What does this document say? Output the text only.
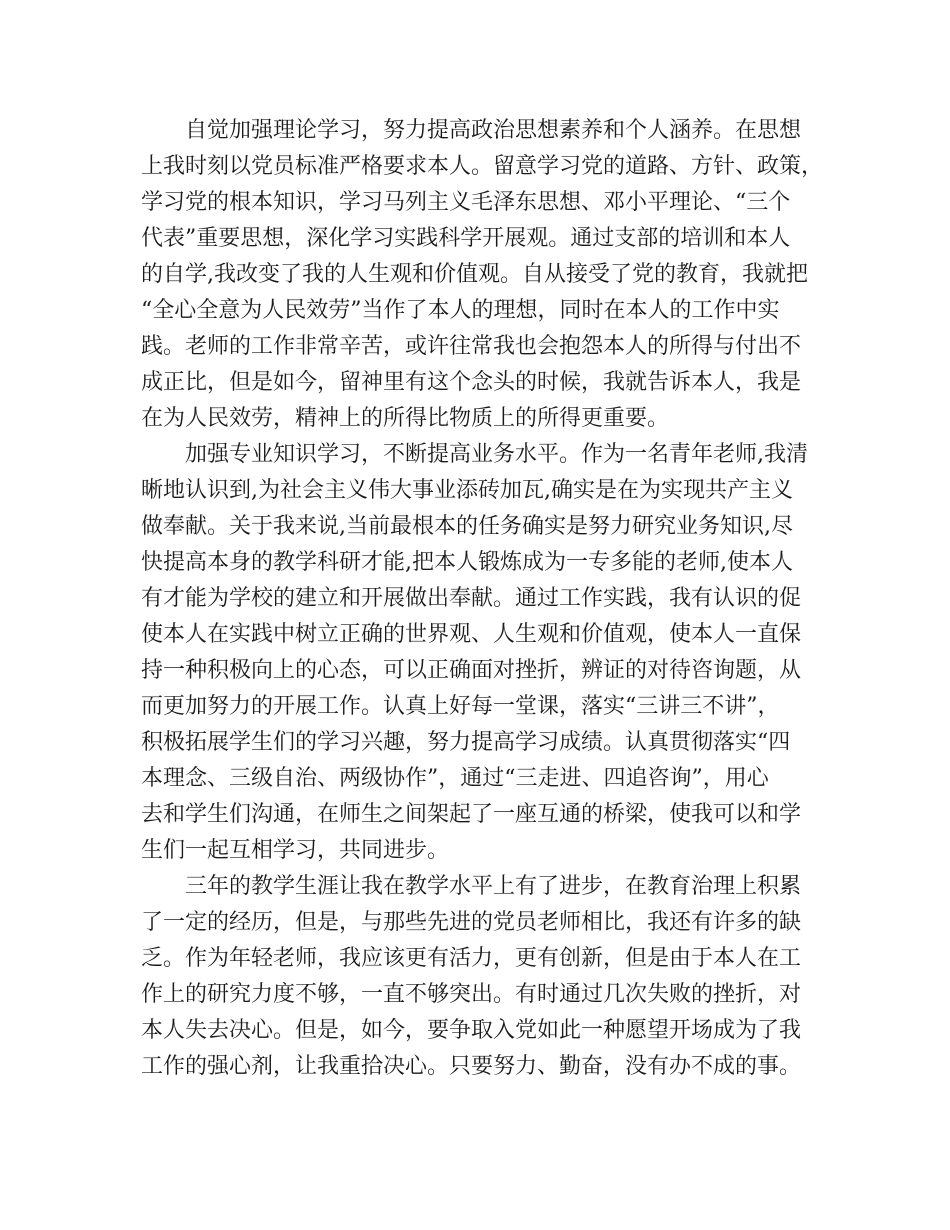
自觉加强理论学习，努力提高政治思想素养和个人涵养。在思想
上我时刻以党员标准严格要求本人。留意学习党的道路、方针、政策，
学习党的根本知识，学习马列主义毛泽东思想、邓小平理论、“三个
代表”重要思想，深化学习实践科学开展观。通过支部的培训和本人
的自学,我改变了我的人生观和价值观。自从接受了党的教育，我就把
“全心全意为人民效劳”当作了本人的理想，同时在本人的工作中实
践。老师的工作非常辛苦，或许往常我也会抱怨本人的所得与付出不
成正比，但是如今，留神里有这个念头的时候，我就告诉本人，我是
在为人民效劳，精神上的所得比物质上的所得更重要。
加强专业知识学习，不断提高业务水平。作为一名青年老师,我清
晰地认识到,为社会主义伟大事业添砖加瓦,确实是在为实现共产主义
做奉献。关于我来说,当前最根本的任务确实是努力研究业务知识,尽
快提高本身的教学科研才能,把本人锻炼成为一专多能的老师,使本人
有才能为学校的建立和开展做出奉献。通过工作实践，我有认识的促
使本人在实践中树立正确的世界观、人生观和价值观，使本人一直保
持一种积极向上的心态，可以正确面对挫折，辨证的对待咨询题，从
而更加努力的开展工作。认真上好每一堂课，落实“三讲三不讲”，
积极拓展学生们的学习兴趣，努力提高学习成绩。认真贯彻落实“四
本理念、三级自治、两级协作”，通过“三走进、四追咨询”，用心
去和学生们沟通，在师生之间架起了一座互通的桥梁，使我可以和学
生们一起互相学习，共同进步。
三年的教学生涯让我在教学水平上有了进步，在教育治理上积累
了一定的经历，但是，与那些先进的党员老师相比，我还有许多的缺
乏。作为年轻老师，我应该更有活力，更有创新，但是由于本人在工
作上的研究力度不够，一直不够突出。有时通过几次失败的挫折，对
本人失去决心。但是，如今，要争取入党如此一种愿望开场成为了我
工作的强心剂，让我重拾决心。只要努力、勤奋，没有办不成的事。
